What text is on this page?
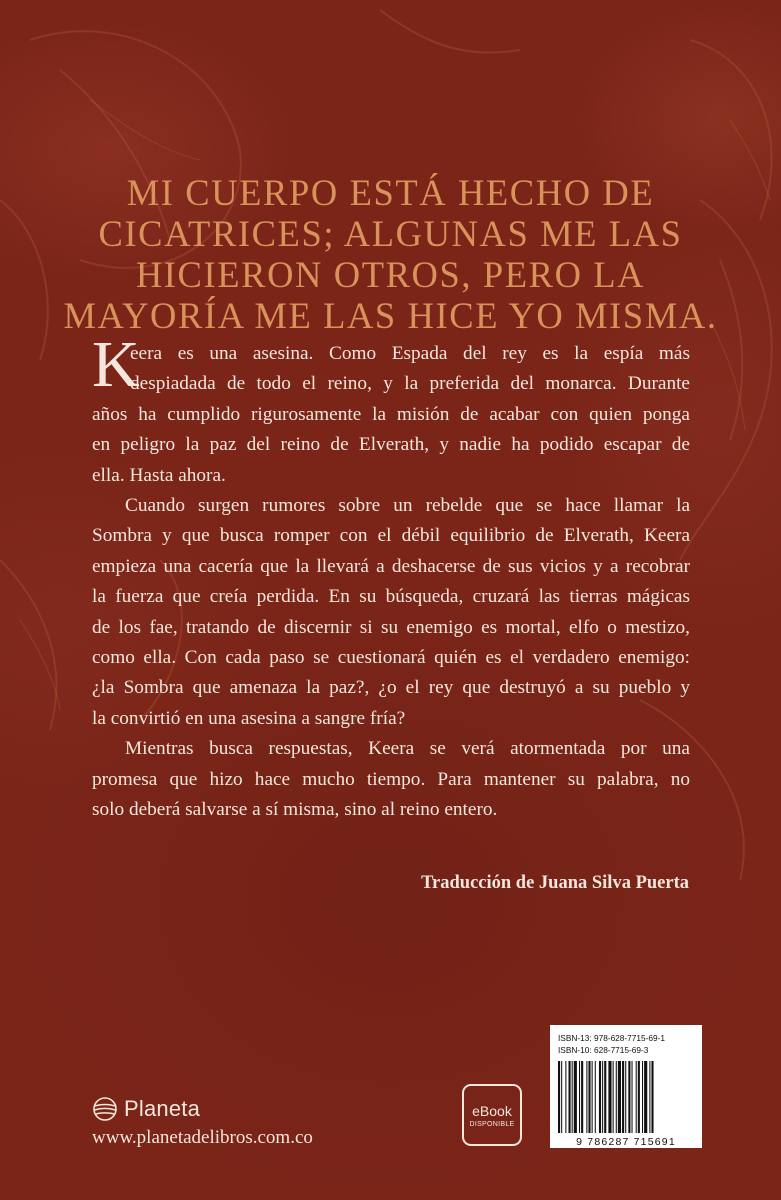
MI CUERPO ESTÁ HECHO DE
CICATRICES; ALGUNAS ME LAS
HICIERON OTROS, PERO LA
MAYORÍA ME LAS HICE YO MISMA.
K
eera es una asesina. Como Espada del rey es la espía más
despiadada de todo el reino, y la preferida del monarca. Durante
años ha cumplido rigurosamente la misión de acabar con quien ponga
en peligro la paz del reino de Elverath, y nadie ha podido escapar de
ella. Hasta ahora.
Cuando surgen rumores sobre un rebelde que se hace llamar la
Sombra y que busca romper con el débil equilibrio de Elverath, Keera
empieza una cacería que la llevará a deshacerse de sus vicios y a recobrar
la fuerza que creía perdida. En su búsqueda, cruzará las tierras mágicas
de los fae, tratando de discernir si su enemigo es mortal, elfo o mestizo,
como ella. Con cada paso se cuestionará quién es el verdadero enemigo:
¿la Sombra que amenaza la paz?, ¿o el rey que destruyó a su pueblo y
la convirtió en una asesina a sangre fría?
Mientras busca respuestas, Keera se verá atormentada por una
promesa que hizo hace mucho tiempo. Para mantener su palabra, no
solo deberá salvarse a sí misma, sino al reino entero.
Traducción de Juana Silva Puerta
Planeta
www.planetadelibros.com.co
eBook
DISPONIBLE
ISBN-13: 978-628-7715-69-1
ISBN-10: 628-7715-69-3
9 786287 715691
